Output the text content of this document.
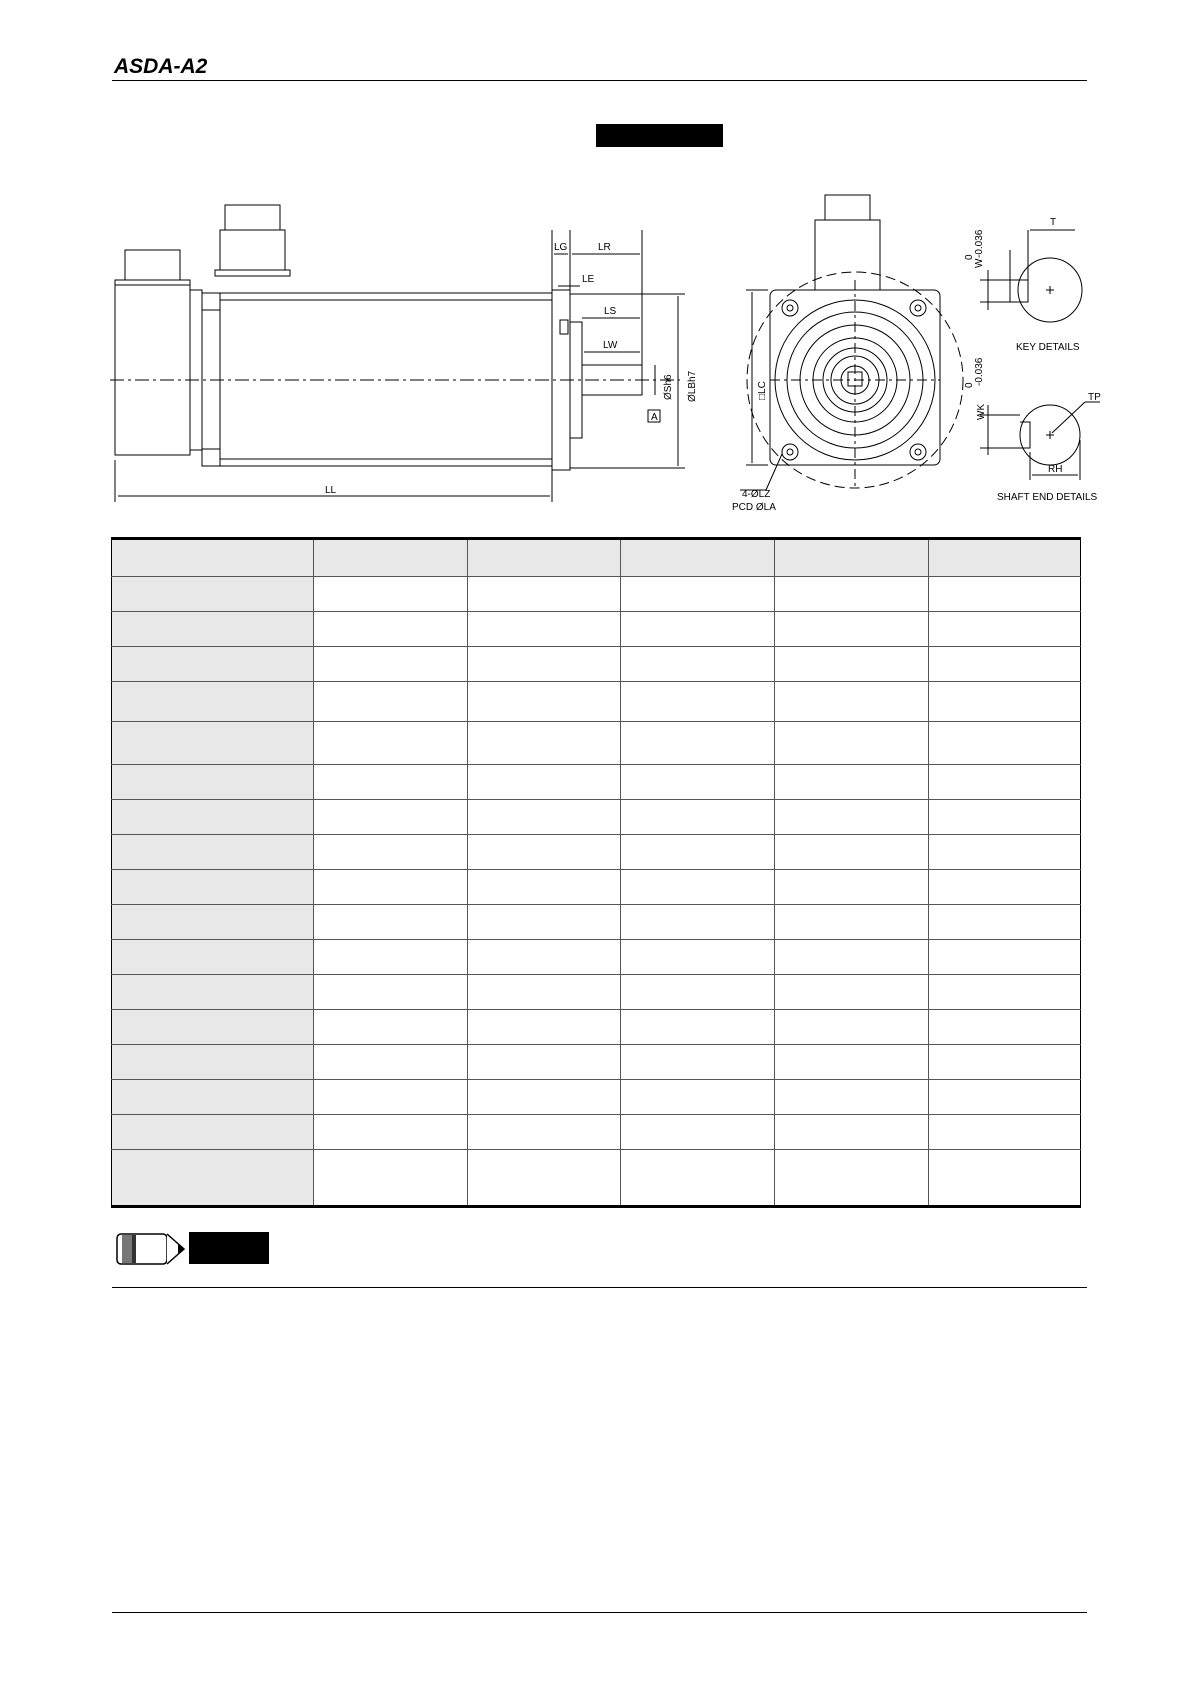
ASDA-A2
LL
LG	LR
LE
LS
LW
ØSh6 ØLBh7
A
□LC
4-ØLZ
PCD ØLA
T
W
0 -0.036
KEY DETAILS
WK
0 -0.036
TP
RH
SHAFT END DETAILS
